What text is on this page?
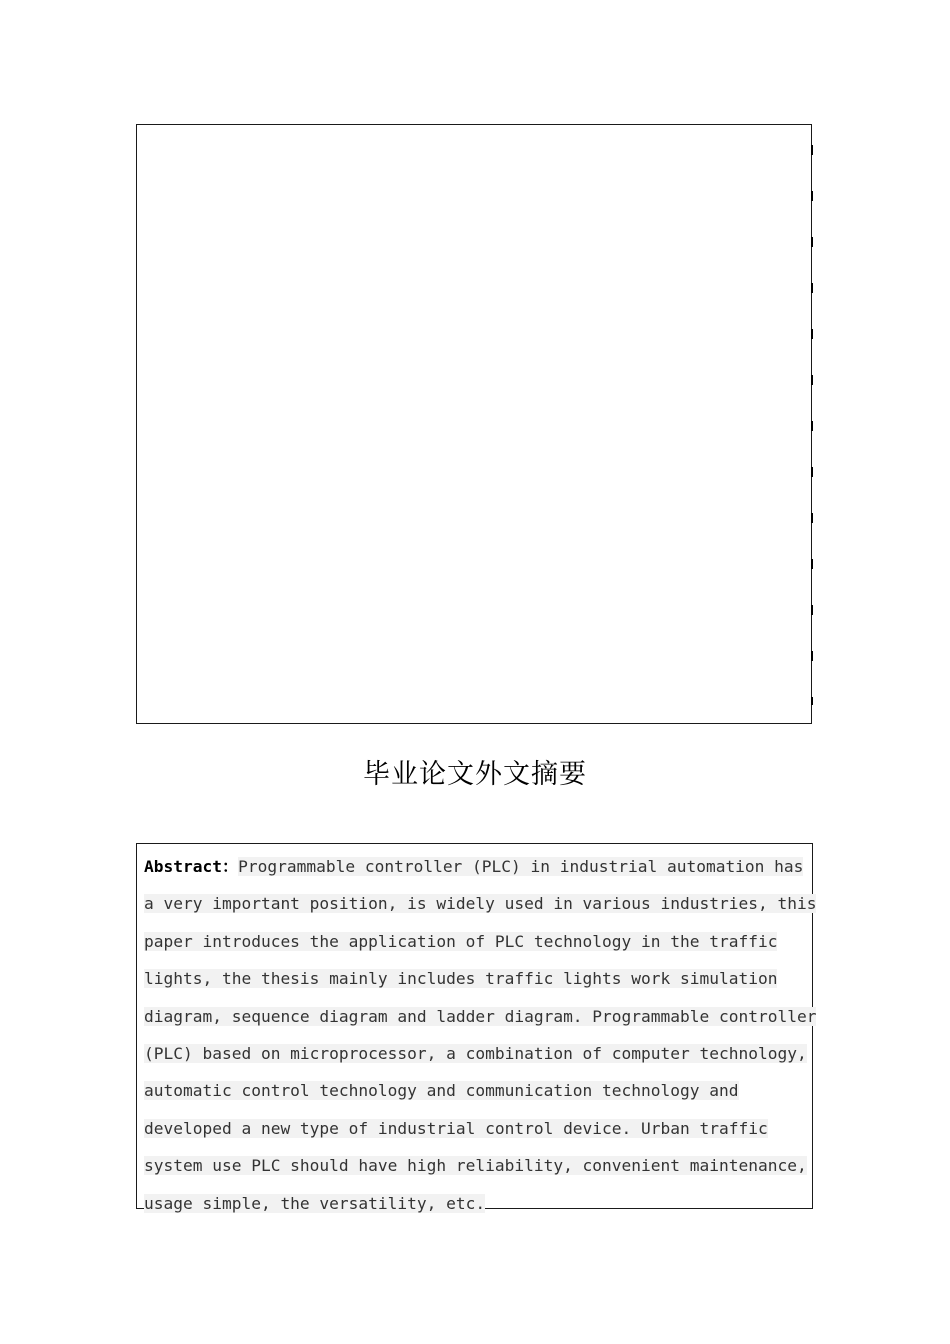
毕业论文外文摘要
Abstract：Programmable controller (PLC) in industrial automation has
a very important position, is widely used in various industries, this
paper introduces the application of PLC technology in the traffic
lights, the thesis mainly includes traffic lights work simulation
diagram, sequence diagram and ladder diagram. Programmable controller
(PLC) based on microprocessor, a combination of computer technology,
automatic control technology and communication technology and
developed a new type of industrial control device. Urban traffic
system use PLC should have high reliability, convenient maintenance,
usage simple, the versatility, etc.
